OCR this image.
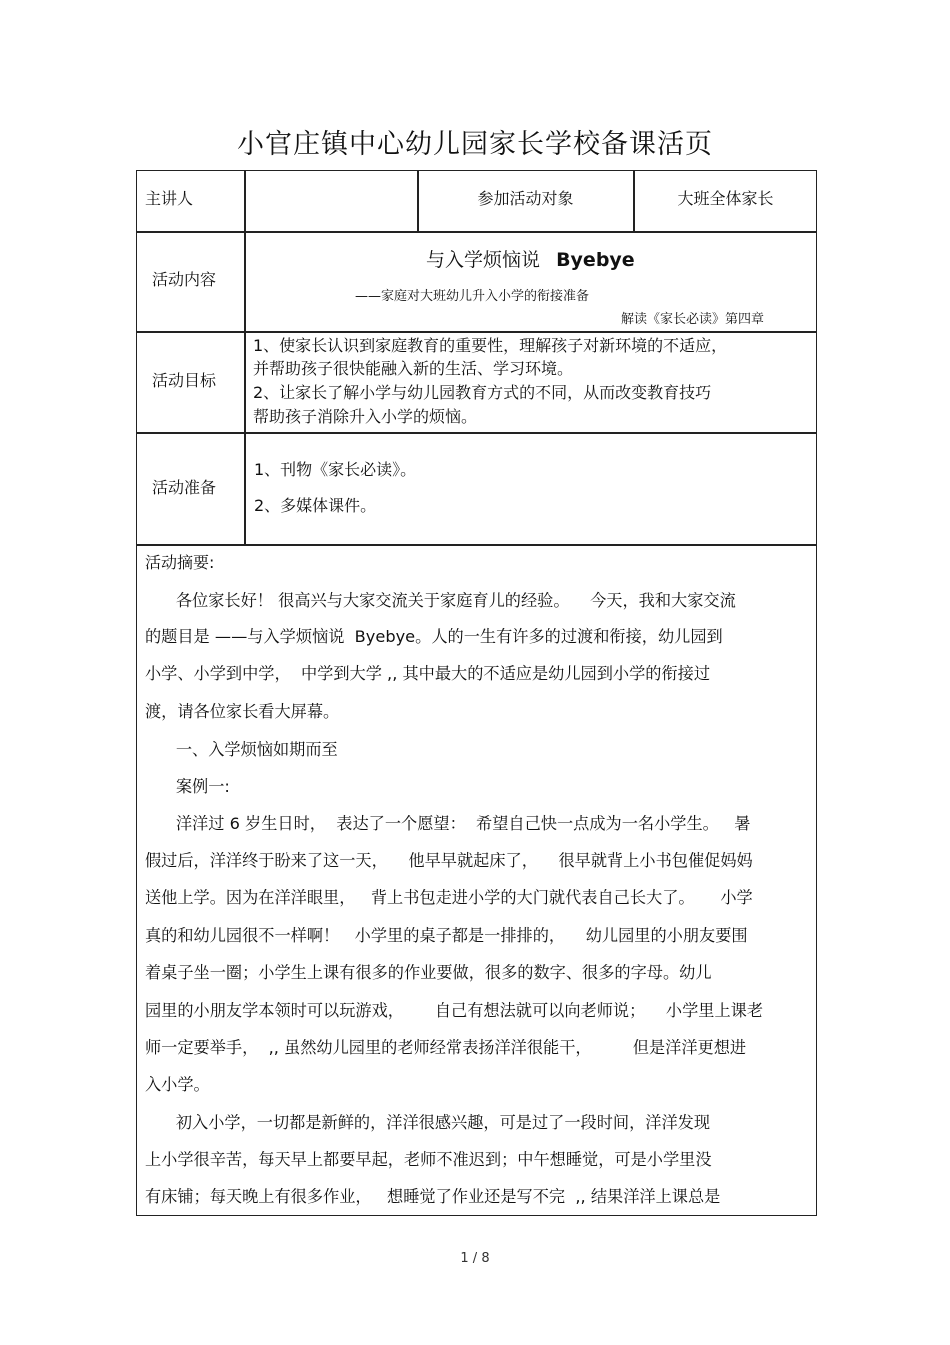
小官庄镇中心幼儿园家长学校备课活页
主讲人	参加活动对象	大班全体家长
活动内容
与入学烦恼说 Byebye
——家庭对大班幼儿升入小学的衔接准备
解读《家长必读》第四章
活动目标
1、使家长认识到家庭教育的重要性，理解孩子对新环境的不适应，
并帮助孩子很快能融入新的生活、学习环境。
2、让家长了解小学与幼儿园教育方式的不同，从而改变教育技巧
帮助孩子消除升入小学的烦恼。
活动准备
1、刊物《家长必读》。
2、多媒体课件。
活动摘要:
各位家长好！ 很高兴与大家交流关于家庭育儿的经验。    今天，我和大家交流
的题目是 ——与入学烦恼说  Byebye。人的一生有许多的过渡和衔接，幼儿园到
小学、小学到中学，  中学到大学 ,, 其中最大的不适应是幼儿园到小学的衔接过
渡，请各位家长看大屏幕。
一、入学烦恼如期而至
案例一:
洋洋过 6 岁生日时，  表达了一个愿望：  希望自己快一点成为一名小学生。   暑
假过后，洋洋终于盼来了这一天，    他早早就起床了，    很早就背上小书包催促妈妈
送他上学。因为在洋洋眼里，   背上书包走进小学的大门就代表自己长大了。     小学
真的和幼儿园很不一样啊！   小学里的桌子都是一排排的，    幼儿园里的小朋友要围
着桌子坐一圈；小学生上课有很多的作业要做，很多的数字、很多的字母。幼儿
园里的小朋友学本领时可以玩游戏，      自己有想法就可以向老师说；    小学里上课老
师一定要举手，  ,, 虽然幼儿园里的老师经常表扬洋洋很能干，        但是洋洋更想进
入小学。
初入小学，一切都是新鲜的，洋洋很感兴趣，可是过了一段时间，洋洋发现
上小学很辛苦，每天早上都要早起，老师不准迟到；中午想睡觉，可是小学里没
有床铺；每天晚上有很多作业，   想睡觉了作业还是写不完  ,, 结果洋洋上课总是
1 / 8
